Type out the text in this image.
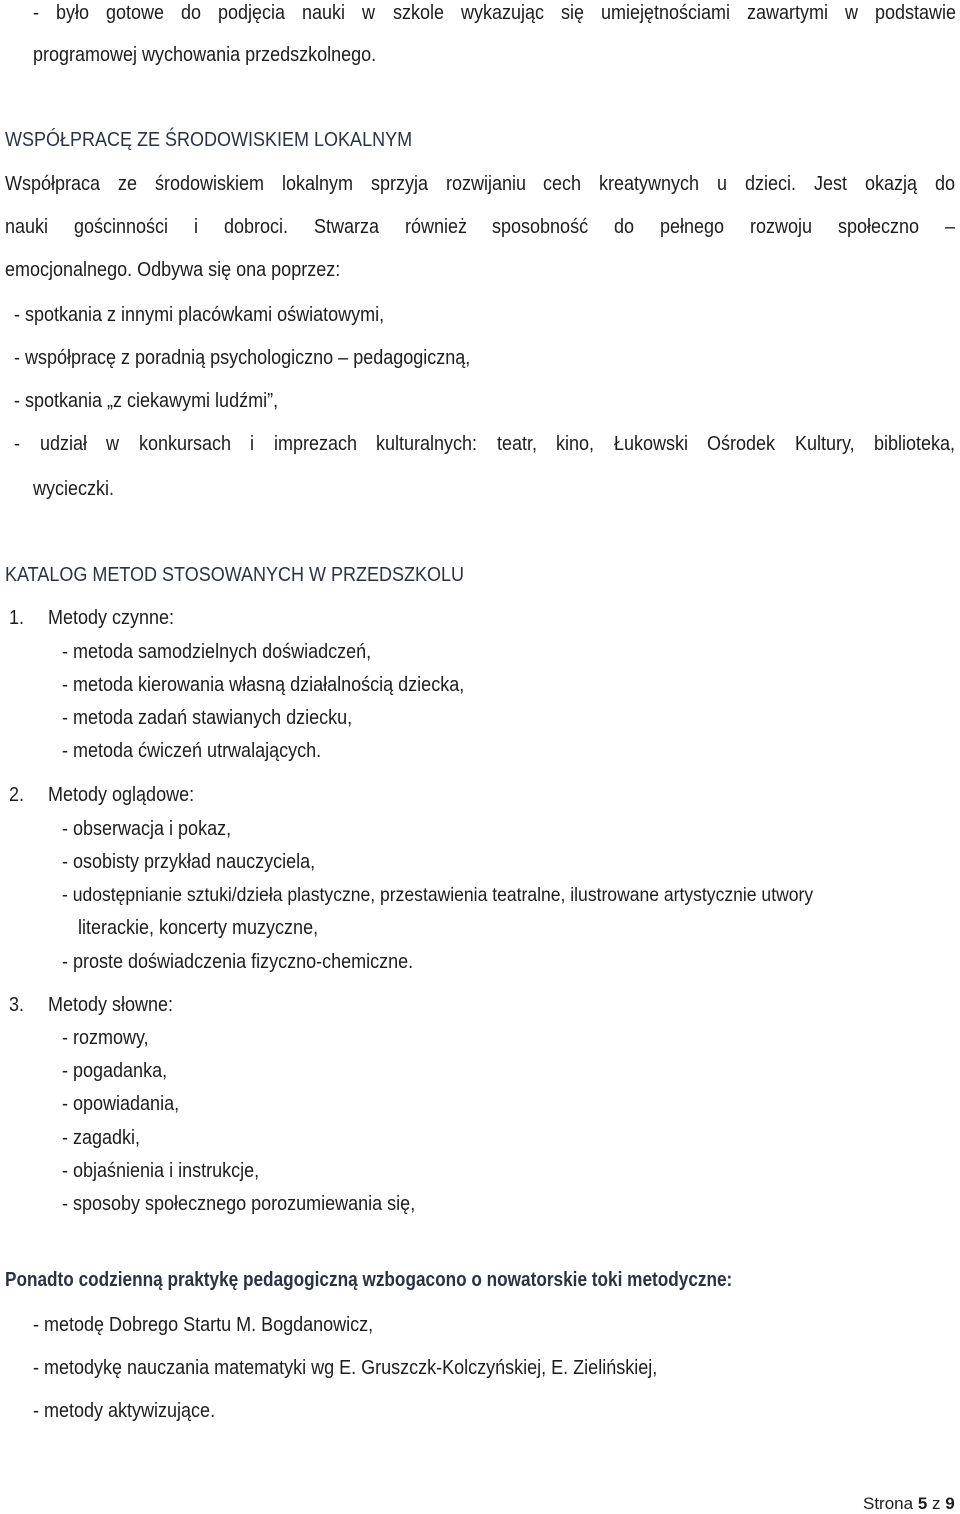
- było gotowe do podjęcia nauki w szkole wykazując się umiejętnościami zawartymi w podstawie
programowej wychowania przedszkolnego.
WSPÓŁPRACĘ ZE ŚRODOWISKIEM LOKALNYM
Współpraca ze środowiskiem lokalnym sprzyja rozwijaniu cech kreatywnych u dzieci. Jest okazją do
nauki gościnności i dobroci. Stwarza również sposobność do pełnego rozwoju społeczno –
emocjonalnego. Odbywa się ona poprzez:
- spotkania z innymi placówkami oświatowymi,
- współpracę z poradnią psychologiczno – pedagogiczną,
- spotkania „z ciekawymi ludźmi”,
- udział w konkursach i imprezach kulturalnych: teatr, kino, Łukowski Ośrodek Kultury, biblioteka,
wycieczki.
KATALOG METOD STOSOWANYCH W PRZEDSZKOLU
1. Metody czynne:
- metoda samodzielnych doświadczeń,
- metoda kierowania własną działalnością dziecka,
- metoda zadań stawianych dziecku,
- metoda ćwiczeń utrwalających.
2. Metody oglądowe:
- obserwacja i pokaz,
- osobisty przykład nauczyciela,
- udostępnianie sztuki/dzieła plastyczne, przestawienia teatralne, ilustrowane artystycznie utwory
literackie, koncerty muzyczne,
- proste doświadczenia fizyczno-chemiczne.
3. Metody słowne:
- rozmowy,
- pogadanka,
- opowiadania,
- zagadki,
- objaśnienia i instrukcje,
- sposoby społecznego porozumiewania się,
Ponadto codzienną praktykę pedagogiczną wzbogacono o nowatorskie toki metodyczne:
- metodę Dobrego Startu M. Bogdanowicz,
- metodykę nauczania matematyki wg E. Gruszczk-Kolczyńskiej, E. Zielińskiej,
- metody aktywizujące.
Strona 5 z 9
